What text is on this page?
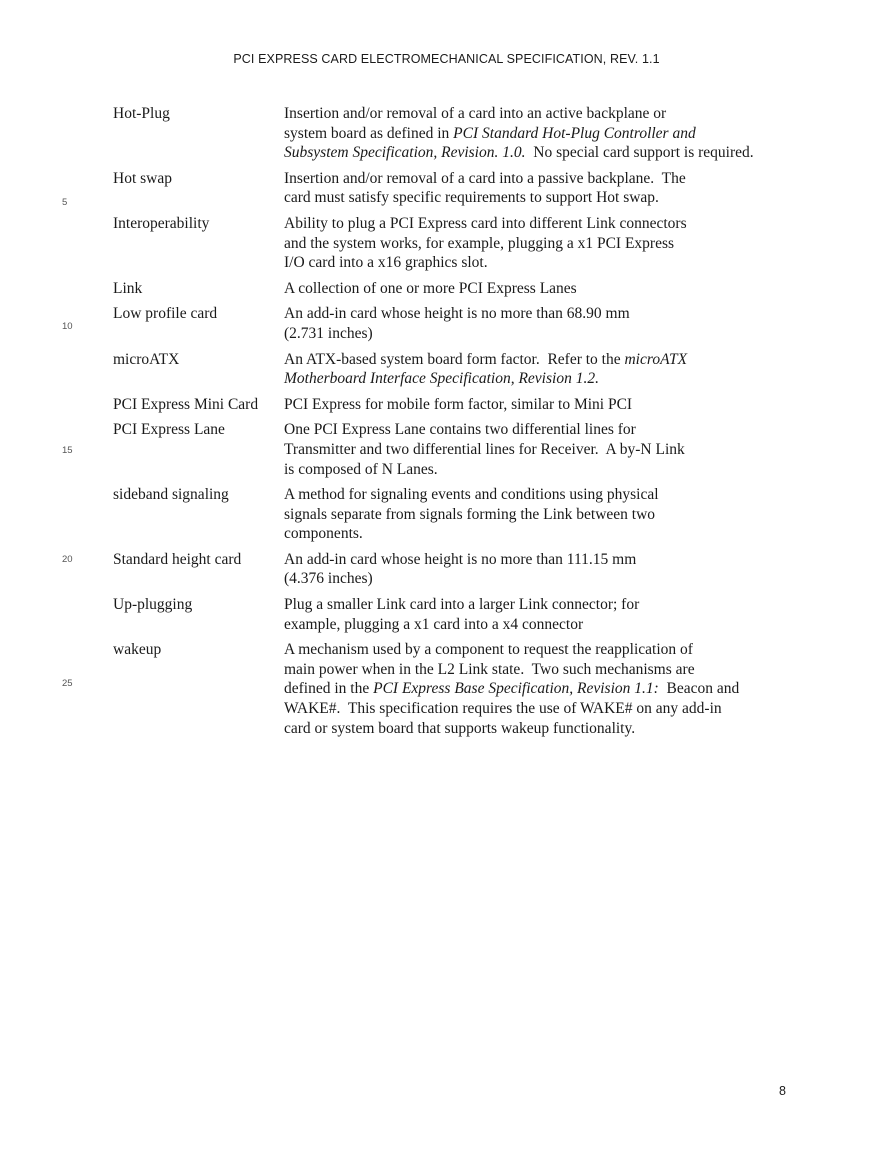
PCI EXPRESS CARD ELECTROMECHANICAL SPECIFICATION, REV. 1.1
Hot-Plug	Insertion and/or removal of a card into an active backplane or
system board as defined in PCI Standard Hot-Plug Controller and
Subsystem Specification, Revision. 1.0.  No special card support is required.
Hot swap	Insertion and/or removal of a card into a passive backplane.  The
card must satisfy specific requirements to support Hot swap.
Interoperability	Ability to plug a PCI Express card into different Link connectors
and the system works, for example, plugging a x1 PCI Express
I/O card into a x16 graphics slot.
Link	A collection of one or more PCI Express Lanes
Low profile card	An add-in card whose height is no more than 68.90 mm
(2.731 inches)
microATX	An ATX-based system board form factor.  Refer to the microATX
Motherboard Interface Specification, Revision 1.2.
PCI Express Mini Card	PCI Express for mobile form factor, similar to Mini PCI
PCI Express Lane	One PCI Express Lane contains two differential lines for
Transmitter and two differential lines for Receiver.  A by-N Link
is composed of N Lanes.
sideband signaling	A method for signaling events and conditions using physical
signals separate from signals forming the Link between two
components.
Standard height card	An add-in card whose height is no more than 111.15 mm
(4.376 inches)
Up-plugging	Plug a smaller Link card into a larger Link connector; for
example, plugging a x1 card into a x4 connector
wakeup	A mechanism used by a component to request the reapplication of
main power when in the L2 Link state.  Two such mechanisms are
defined in the PCI Express Base Specification, Revision 1.1:  Beacon and
WAKE#.  This specification requires the use of WAKE# on any add-in
card or system board that supports wakeup functionality.
5
10
15
20
25
8
